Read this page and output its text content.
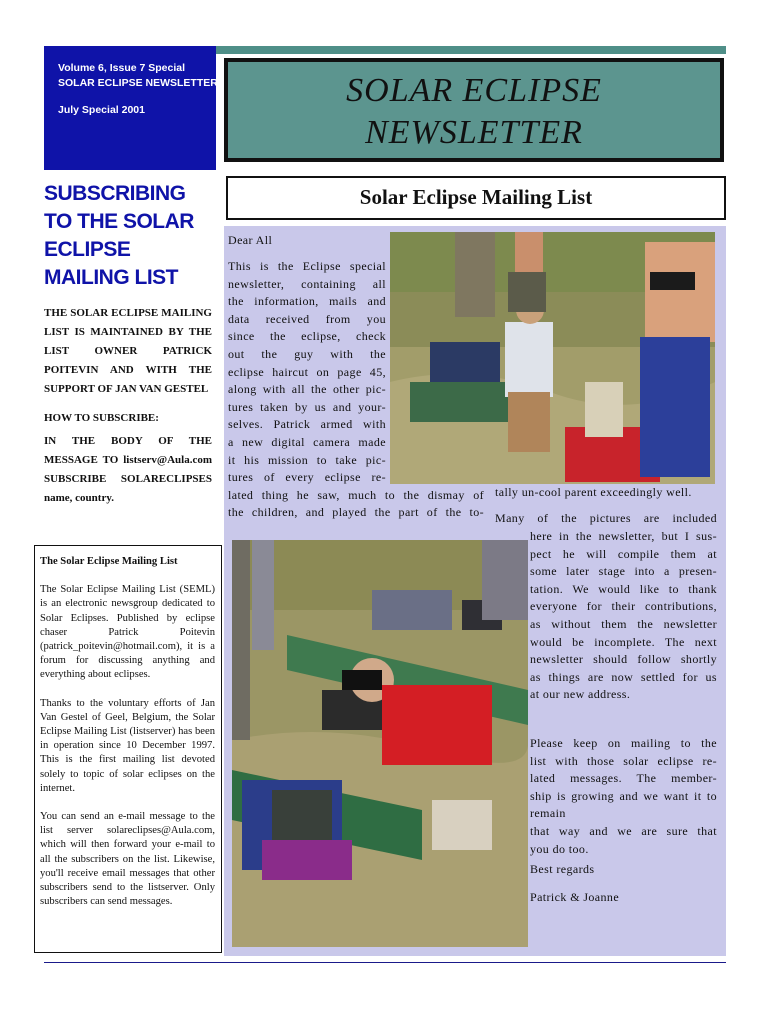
Volume 6, Issue 7 Special
SOLAR ECLIPSE NEWSLETTER
July Special 2001
SOLAR ECLIPSE
NEWSLETTER
Solar Eclipse Mailing List
SUBSCRIBING TO THE SOLAR ECLIPSE MAILING LIST

THE SOLAR ECLIPSE MAILING LIST IS MAINTAINED BY THE LIST OWNER PATRICK POITEVIN AND WITH THE SUPPORT OF JAN VAN GESTEL

HOW TO SUBSCRIBE:

IN THE BODY OF THE MESSAGE TO listserv@Aula.com SUBSCRIBE SOLARECLIPSES name, country.

The Solar Eclipse Mailing List

The Solar Eclipse Mailing List (SEML) is an electronic newsgroup dedicated to Solar Eclipses. Published by eclipse chaser Patrick Poitevin (patrick_poitevin@hotmail.com), it is a forum for discussing anything and everything about eclipses.

Thanks to the voluntary efforts of Jan Van Gestel of Geel, Belgium, the Solar Eclipse Mailing List (listserver) has been in operation since 10 December 1997. This is the first mailing list devoted solely to topic of solar eclipses on the internet.

You can send an e-mail message to the list server solareclipses@Aula.com, which will then forward your e-mail to all the subscribers on the list. Likewise, you'll receive email messages that other subscribers send to the listserver. Only subscribers can send messages.

Dear All

This is the Eclipse special

newsletter, containing all

the information, mails and

data received from you

since the eclipse, check

out the guy with the

eclipse haircut on page 45,

along with all the other pic-

tures taken by us and your-

selves. Patrick armed with

a new digital camera made

it his mission to take pic-

tures of every eclipse re-

lated thing he saw, much to the dismay of

the children, and played the part of the to-

tally un-cool parent exceedingly well.

Many of the pictures are included

here in the newsletter, but I sus-

pect he will compile them at

some later stage into a presen-

tation. We would like to thank

everyone for their contributions,

as without them the newsletter

would be incomplete. The next

newsletter should follow shortly

as things are now settled for us

at our new address.

Please keep on mailing to the

list with those solar eclipse re-

lated messages. The member-

ship is growing and we want it to remain

that way and we are sure that

you do too.

Best regards

Patrick & Joanne
